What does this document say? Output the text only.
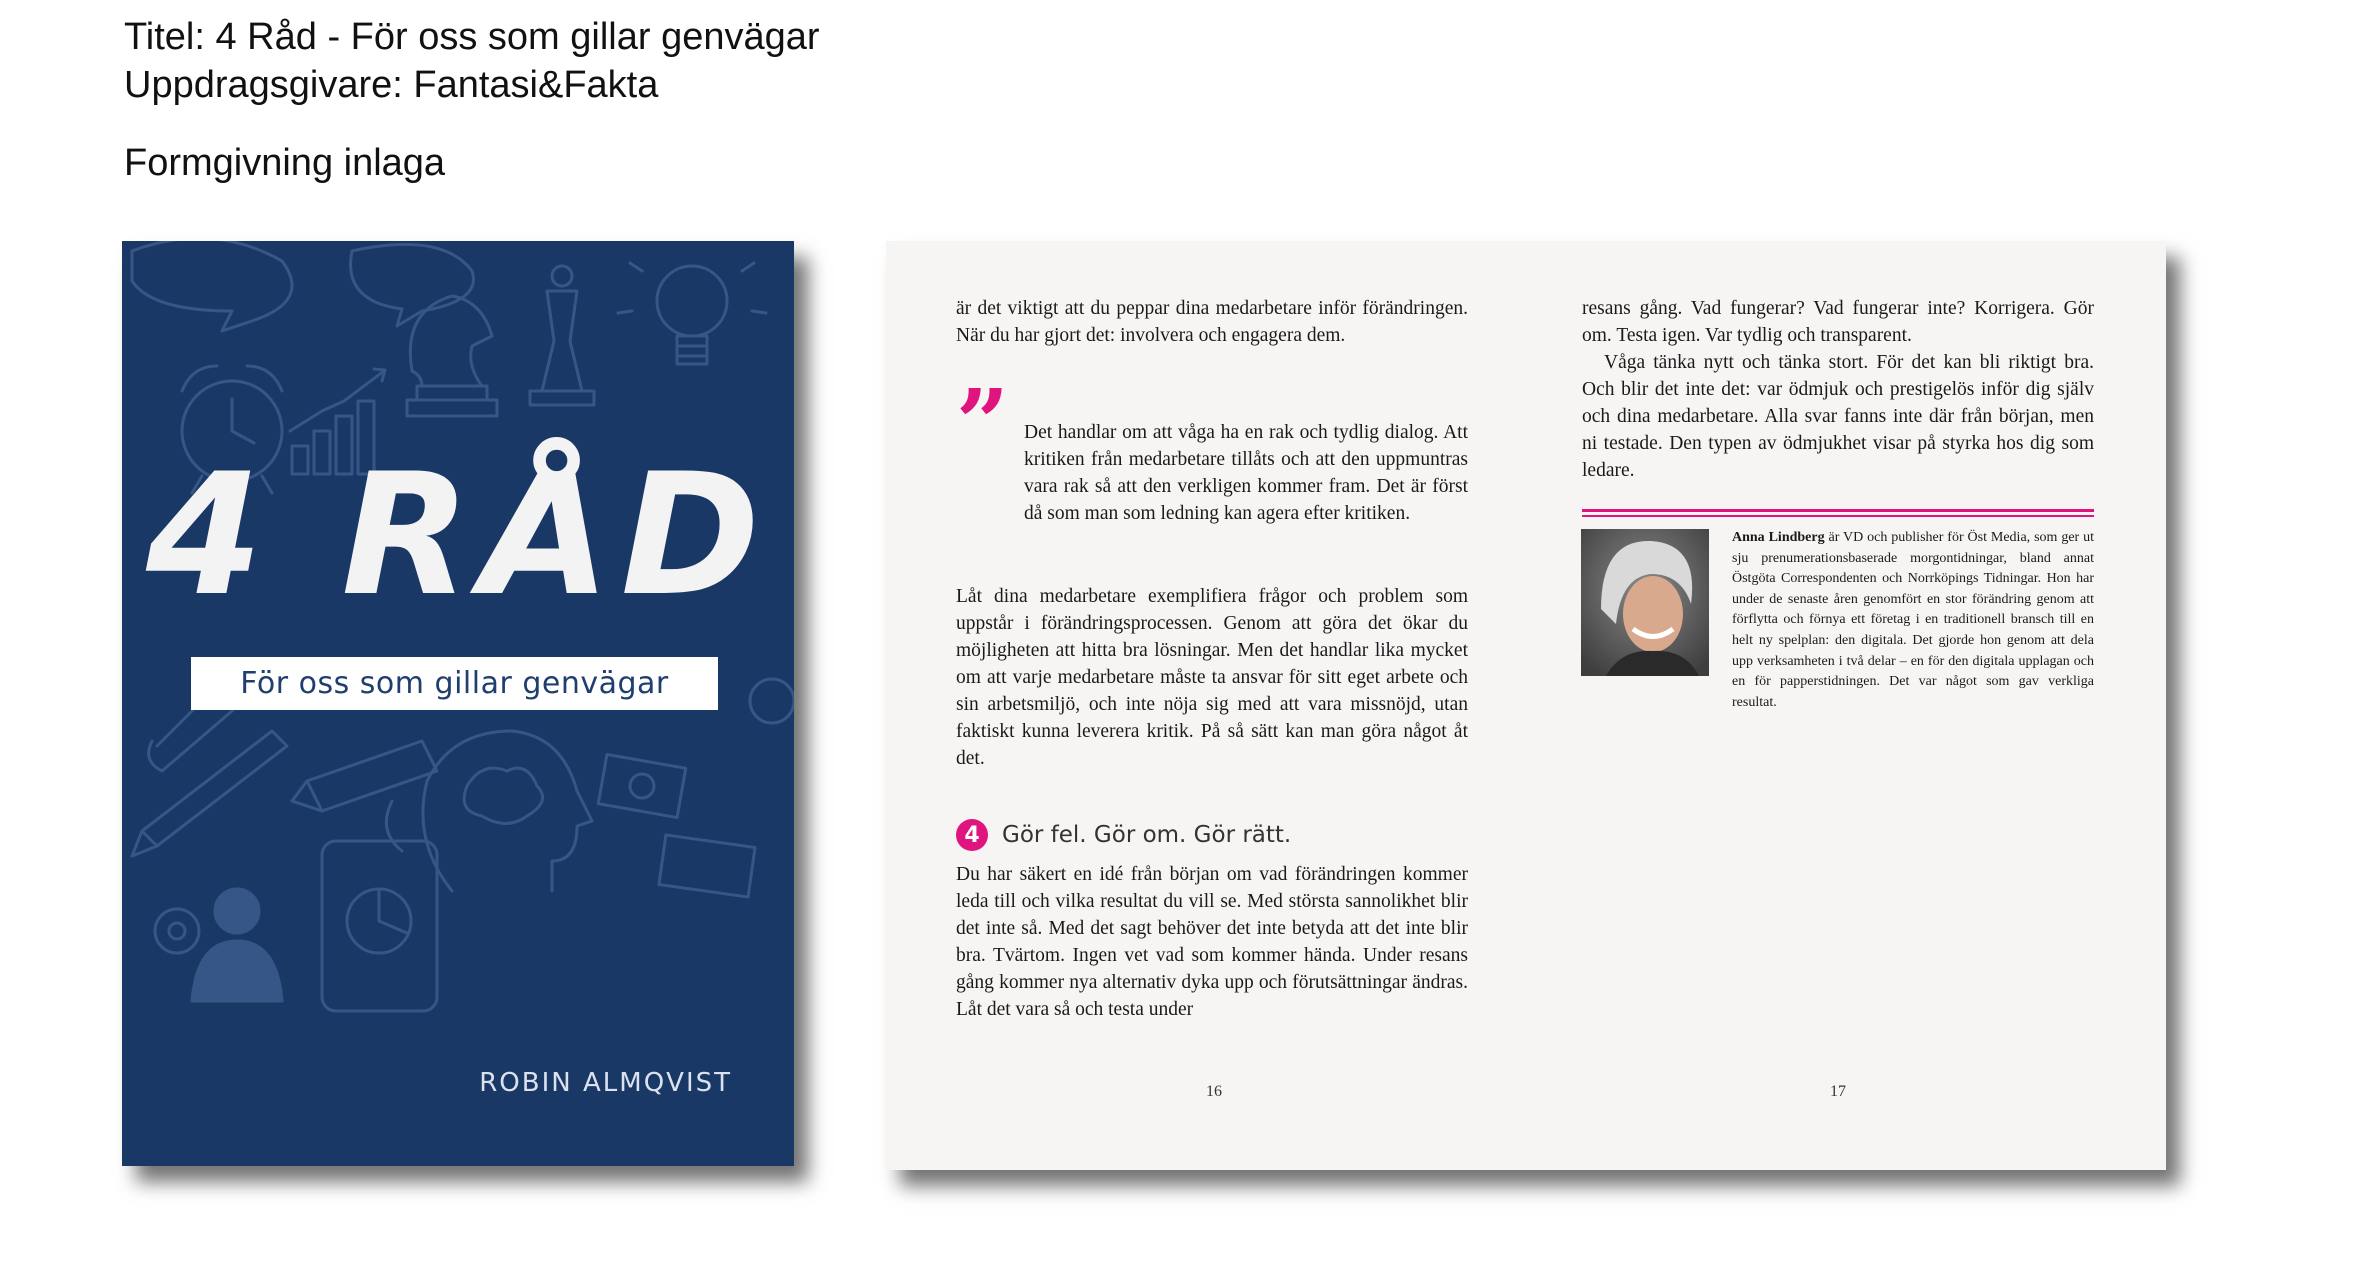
Titel: 4 Råd - För oss som gillar genvägar
Uppdragsgivare: Fantasi&Fakta
Formgivning inlaga
4 RÅD
För oss som gillar genvägar
ROBIN ALMQVIST

är det viktigt att du peppar dina medarbetare inför förändringen. När du har gjort det: involvera och engagera dem.

” Det handlar om att våga ha en rak och tydlig dialog. Att kritiken från medarbetare tillåts och att den uppmuntras vara rak så att den verkligen kommer fram. Det är först då som man som ledning kan agera efter kritiken.

Låt dina medarbetare exemplifiera frågor och problem som uppstår i förändringsprocessen. Genom att göra det ökar du möjligheten att hitta bra lösningar. Men det handlar lika mycket om att varje medarbetare måste ta ansvar för sitt eget arbete och sin arbetsmiljö, och inte nöja sig med att vara missnöjd, utan faktiskt kunna leverera kritik. På så sätt kan man göra något åt det.

4 Gör fel. Gör om. Gör rätt.

Du har säkert en idé från början om vad förändringen kommer leda till och vilka resultat du vill se. Med största sannolikhet blir det inte så. Med det sagt behöver det inte betyda att det inte blir bra. Tvärtom. Ingen vet vad som kommer hända. Under resans gång kommer nya alternativ dyka upp och förutsättningar ändras. Låt det vara så och testa under

16

resans gång. Vad fungerar? Vad fungerar inte? Korrigera. Gör om. Testa igen. Var tydlig och transparent.

Våga tänka nytt och tänka stort. För det kan bli riktigt bra. Och blir det inte det: var ödmjuk och prestigelös inför dig själv och dina medarbetare. Alla svar fanns inte där från början, men ni testade. Den typen av ödmjukhet visar på styrka hos dig som ledare.

Anna Lindberg är VD och publisher för Öst Media, som ger ut sju prenumerationsbaserade morgontidningar, bland annat Östgöta Correspondenten och Norrköpings Tidningar. Hon har under de senaste åren genomfört en stor förändring genom att förflytta och förnya ett företag i en traditionell bransch till en helt ny spelplan: den digitala. Det gjorde hon genom att dela upp verksamheten i två delar – en för den digitala upplagan och en för papperstidningen. Det var något som gav verkliga resultat.
17
